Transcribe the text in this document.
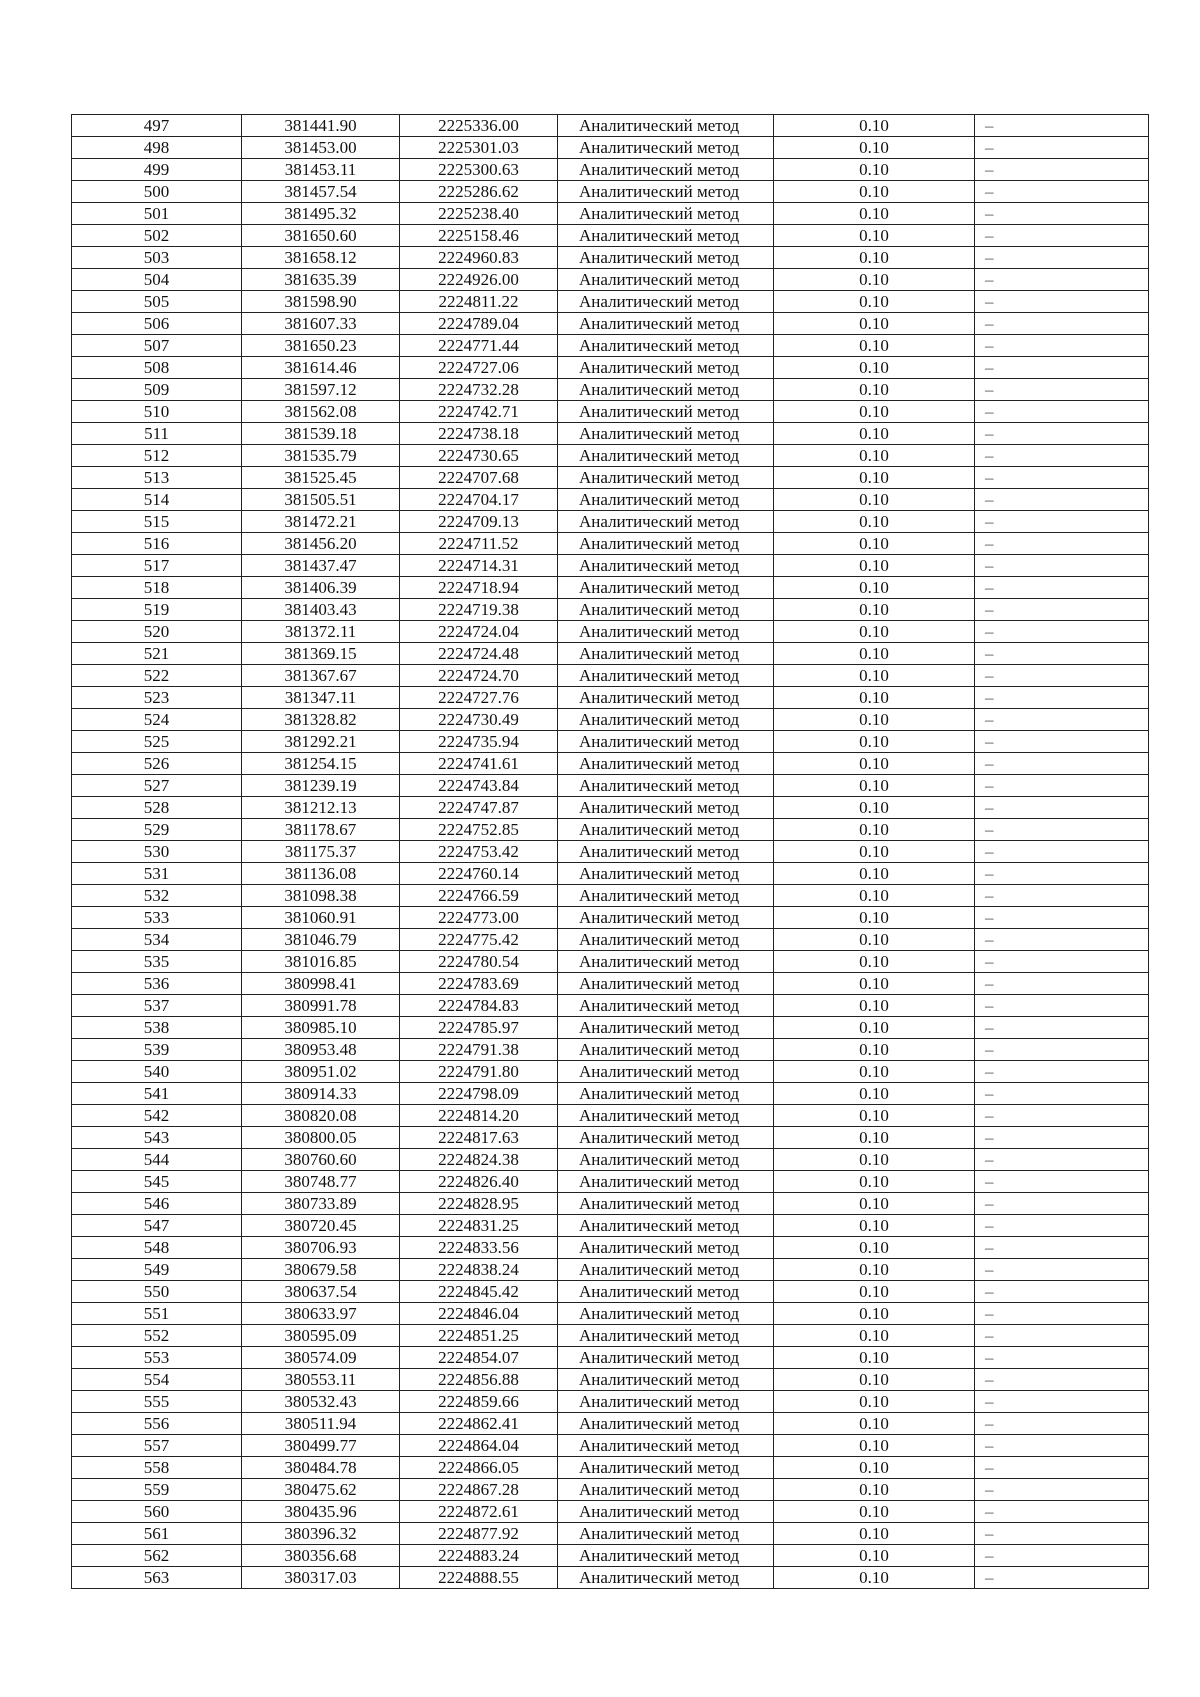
497	381441.90	2225336.00	Аналитический метод	0.10	–
498	381453.00	2225301.03	Аналитический метод	0.10	–
499	381453.11	2225300.63	Аналитический метод	0.10	–
500	381457.54	2225286.62	Аналитический метод	0.10	–
501	381495.32	2225238.40	Аналитический метод	0.10	–
502	381650.60	2225158.46	Аналитический метод	0.10	–
503	381658.12	2224960.83	Аналитический метод	0.10	–
504	381635.39	2224926.00	Аналитический метод	0.10	–
505	381598.90	2224811.22	Аналитический метод	0.10	–
506	381607.33	2224789.04	Аналитический метод	0.10	–
507	381650.23	2224771.44	Аналитический метод	0.10	–
508	381614.46	2224727.06	Аналитический метод	0.10	–
509	381597.12	2224732.28	Аналитический метод	0.10	–
510	381562.08	2224742.71	Аналитический метод	0.10	–
511	381539.18	2224738.18	Аналитический метод	0.10	–
512	381535.79	2224730.65	Аналитический метод	0.10	–
513	381525.45	2224707.68	Аналитический метод	0.10	–
514	381505.51	2224704.17	Аналитический метод	0.10	–
515	381472.21	2224709.13	Аналитический метод	0.10	–
516	381456.20	2224711.52	Аналитический метод	0.10	–
517	381437.47	2224714.31	Аналитический метод	0.10	–
518	381406.39	2224718.94	Аналитический метод	0.10	–
519	381403.43	2224719.38	Аналитический метод	0.10	–
520	381372.11	2224724.04	Аналитический метод	0.10	–
521	381369.15	2224724.48	Аналитический метод	0.10	–
522	381367.67	2224724.70	Аналитический метод	0.10	–
523	381347.11	2224727.76	Аналитический метод	0.10	–
524	381328.82	2224730.49	Аналитический метод	0.10	–
525	381292.21	2224735.94	Аналитический метод	0.10	–
526	381254.15	2224741.61	Аналитический метод	0.10	–
527	381239.19	2224743.84	Аналитический метод	0.10	–
528	381212.13	2224747.87	Аналитический метод	0.10	–
529	381178.67	2224752.85	Аналитический метод	0.10	–
530	381175.37	2224753.42	Аналитический метод	0.10	–
531	381136.08	2224760.14	Аналитический метод	0.10	–
532	381098.38	2224766.59	Аналитический метод	0.10	–
533	381060.91	2224773.00	Аналитический метод	0.10	–
534	381046.79	2224775.42	Аналитический метод	0.10	–
535	381016.85	2224780.54	Аналитический метод	0.10	–
536	380998.41	2224783.69	Аналитический метод	0.10	–
537	380991.78	2224784.83	Аналитический метод	0.10	–
538	380985.10	2224785.97	Аналитический метод	0.10	–
539	380953.48	2224791.38	Аналитический метод	0.10	–
540	380951.02	2224791.80	Аналитический метод	0.10	–
541	380914.33	2224798.09	Аналитический метод	0.10	–
542	380820.08	2224814.20	Аналитический метод	0.10	–
543	380800.05	2224817.63	Аналитический метод	0.10	–
544	380760.60	2224824.38	Аналитический метод	0.10	–
545	380748.77	2224826.40	Аналитический метод	0.10	–
546	380733.89	2224828.95	Аналитический метод	0.10	–
547	380720.45	2224831.25	Аналитический метод	0.10	–
548	380706.93	2224833.56	Аналитический метод	0.10	–
549	380679.58	2224838.24	Аналитический метод	0.10	–
550	380637.54	2224845.42	Аналитический метод	0.10	–
551	380633.97	2224846.04	Аналитический метод	0.10	–
552	380595.09	2224851.25	Аналитический метод	0.10	–
553	380574.09	2224854.07	Аналитический метод	0.10	–
554	380553.11	2224856.88	Аналитический метод	0.10	–
555	380532.43	2224859.66	Аналитический метод	0.10	–
556	380511.94	2224862.41	Аналитический метод	0.10	–
557	380499.77	2224864.04	Аналитический метод	0.10	–
558	380484.78	2224866.05	Аналитический метод	0.10	–
559	380475.62	2224867.28	Аналитический метод	0.10	–
560	380435.96	2224872.61	Аналитический метод	0.10	–
561	380396.32	2224877.92	Аналитический метод	0.10	–
562	380356.68	2224883.24	Аналитический метод	0.10	–
563	380317.03	2224888.55	Аналитический метод	0.10	–
